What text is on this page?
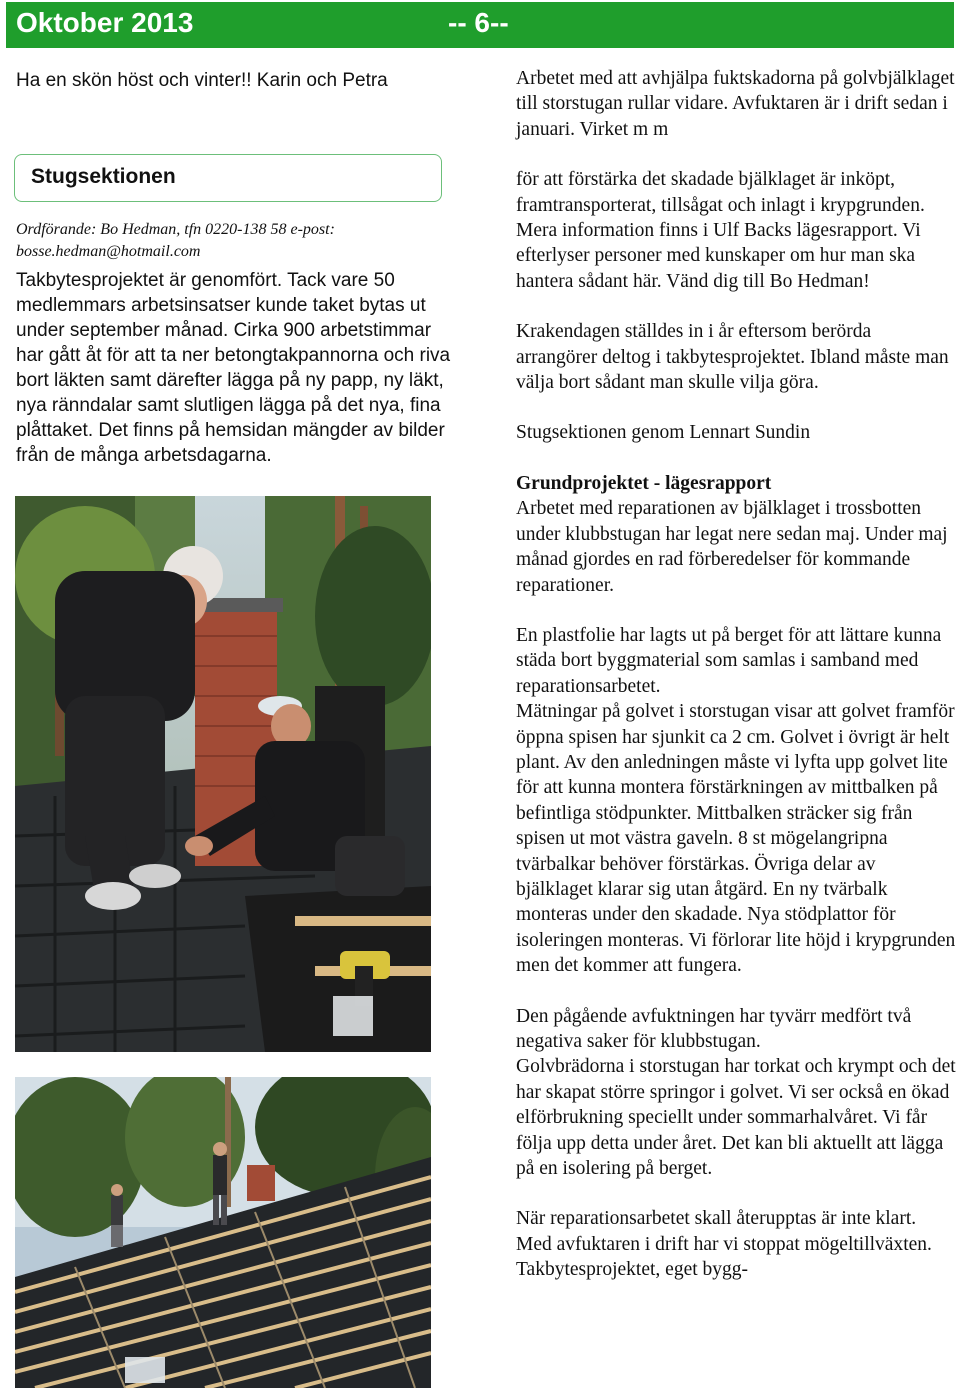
Oktober 2013	-- 6--
Ha en skön höst och vinter!! Karin och Petra
Stugsektionen
Ordförande: Bo Hedman, tfn 0220-138 58 e-post:
bosse.hedman@hotmail.com
Takbytesprojektet är genomfört. Tack vare 50 medlemmars arbetsinsatser kunde taket bytas ut under september månad. Cirka 900 arbetstimmar har gått åt för att ta ner betongtakpannorna och riva bort läkten samt därefter lägga på ny papp, ny läkt, nya ränndalar samt slutligen lägga på det nya, fina plåttaket. Det finns på hemsidan mängder av bilder från de många arbetsdagarna.

Arbetet med att avhjälpa fuktskadorna på golvbjälklaget till storstugan rullar vidare. Avfuktaren är i drift sedan i januari. Virket m m

för att förstärka det skadade bjälklaget är inköpt, framtransporterat, tillsågat och inlagt i krypgrunden. Mera information finns i Ulf Backs lägesrapport. Vi efterlyser personer med kunskaper om hur man ska hantera sådant här. Vänd dig till Bo Hedman!

Krakendagen ställdes in i år eftersom berörda arrangörer deltog i takbytesprojektet. Ibland måste man välja bort sådant man skulle vilja göra.

Stugsektionen genom Lennart Sundin

Grundprojektet - lägesrapport

Arbetet med reparationen av bjälklaget i trossbotten under klubbstugan har legat nere sedan maj. Under maj månad gjordes en rad förberedelser för kommande reparationer.

En plastfolie har lagts ut på berget för att lättare kunna städa bort byggmaterial som samlas i samband med reparationsarbetet.

Mätningar på golvet i storstugan visar att golvet framför öppna spisen har sjunkit ca 2 cm. Golvet i övrigt är helt plant. Av den anledningen måste vi lyfta upp golvet lite för att kunna montera förstärkningen av mittbalken på befintliga stödpunkter. Mittbalken sträcker sig från spisen ut mot västra gaveln. 8 st mögelangripna tvärbalkar behöver förstärkas. Övriga delar av bjälklaget klarar sig utan åtgärd. En ny tvärbalk monteras under den skadade. Nya stödplattor för isoleringen monteras. Vi förlorar lite höjd i krypgrunden men det kommer att fungera.

Den pågående avfuktningen har tyvärr medfört två negativa saker för klubbstugan.

Golvbrädorna i storstugan har torkat och krympt och det har skapat större springor i golvet. Vi ser också en ökad elförbrukning speciellt under sommarhalvåret. Vi får följa upp detta under året. Det kan bli aktuellt att lägga på en isolering på berget.

När reparationsarbetet skall återupptas är inte klart. Med avfuktaren i drift har vi stoppat mögeltillväxten. Takbytesprojektet, eget bygg-
